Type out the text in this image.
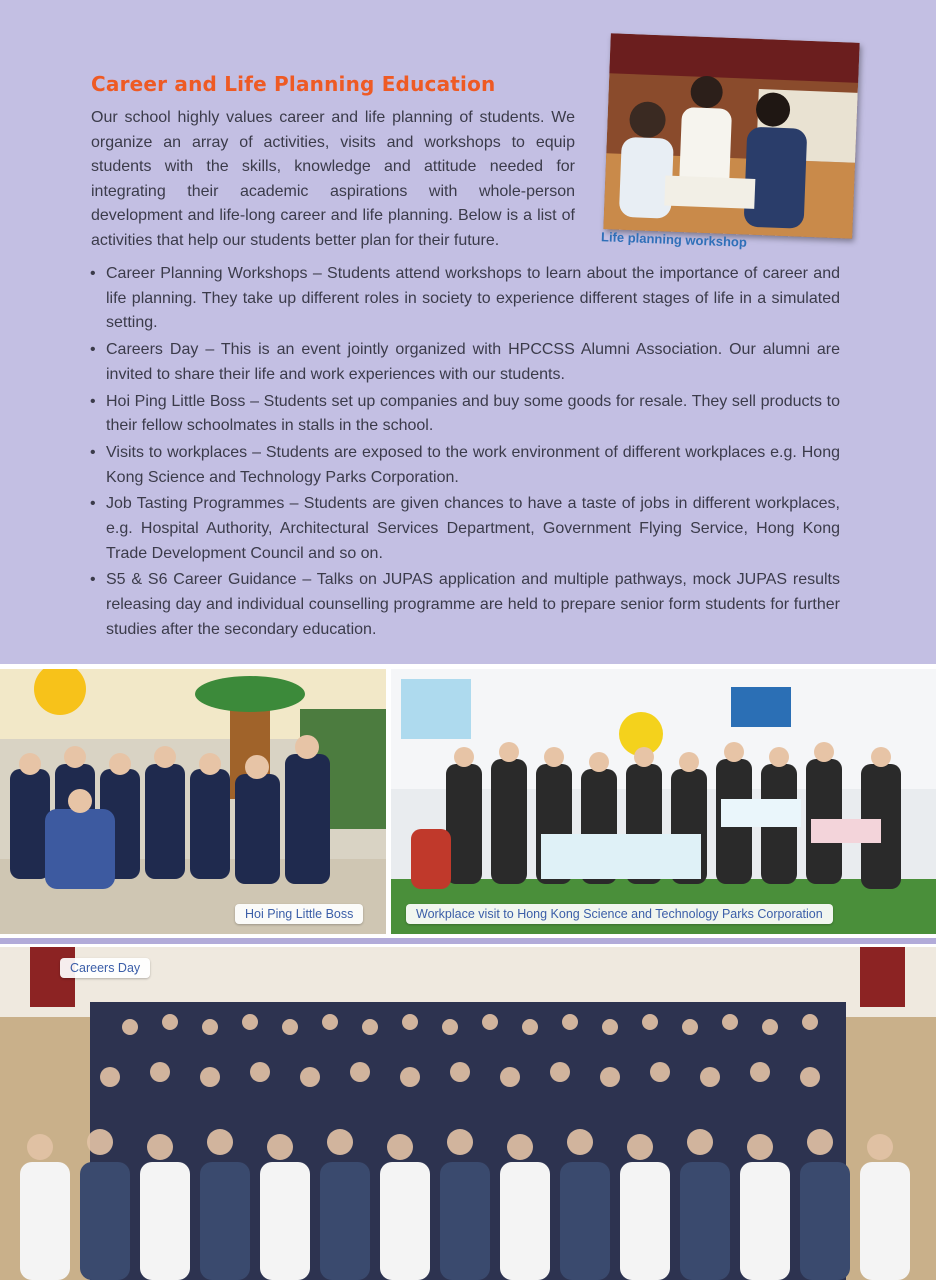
Career and Life Planning Education

Our school highly values career and life planning of students. We organize an array of activities, visits and workshops to equip students with the skills, knowledge and attitude needed for integrating their academic aspirations with whole-person development and life-long career and life planning. Below is a list of activities that help our students better plan for their future.	Life planning workshop
• Career Planning Workshops – Students attend workshops to learn about the importance of career and life planning. They take up different roles in society to experience different stages of life in a simulated setting.
• Careers Day – This is an event jointly organized with HPCCSS Alumni Association. Our alumni are invited to share their life and work experiences with our students.
• Hoi Ping Little Boss – Students set up companies and buy some goods for resale. They sell products to their fellow schoolmates in stalls in the school.
• Visits to workplaces – Students are exposed to the work environment of different workplaces e.g. Hong Kong Science and Technology Parks Corporation.
• Job Tasting Programmes – Students are given chances to have a taste of jobs in different workplaces, e.g. Hospital Authority, Architectural Services Department, Government Flying Service, Hong Kong Trade Development Council and so on.
• S5 & S6 Career Guidance – Talks on JUPAS application and multiple pathways, mock JUPAS results releasing day and individual counselling programme are held to prepare senior form students for further studies after the secondary education.
Hoi Ping Little Boss	Workplace visit to Hong Kong Science and Technology Parks Corporation
Careers Day
